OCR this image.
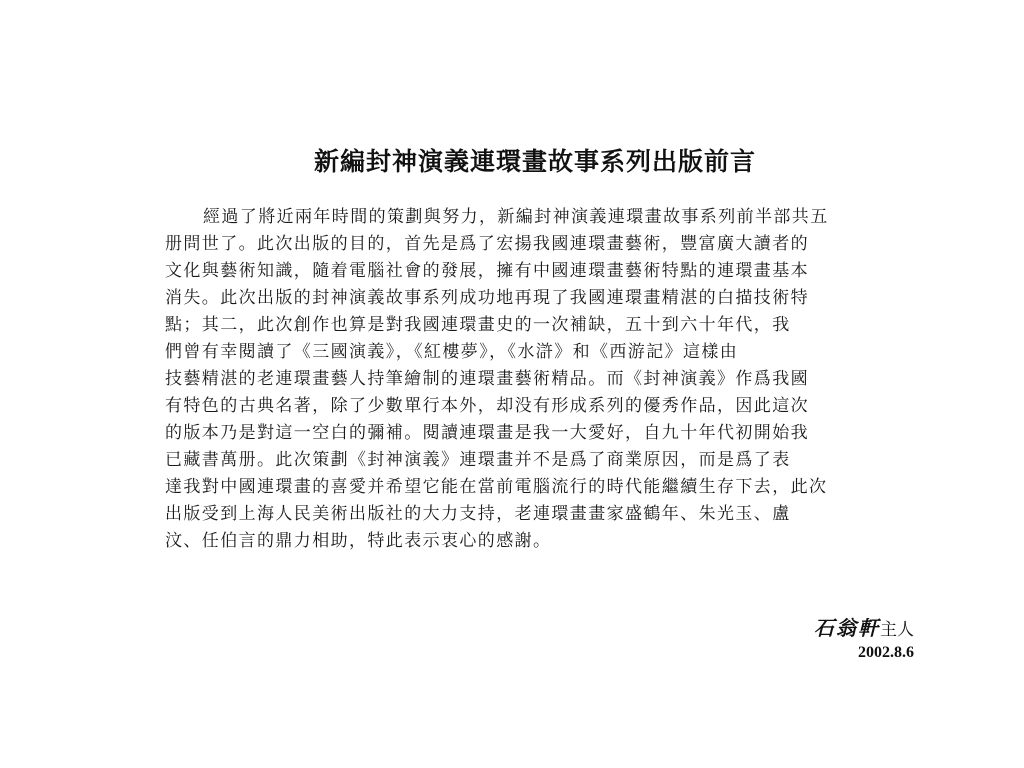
新編封神演義連環畫故事系列出版前言
經過了將近兩年時間的策劃與努力，新編封神演義連環畫故事系列前半部共五
册問世了。此次出版的目的，首先是爲了宏揚我國連環畫藝術，豐富廣大讀者的
文化與藝術知識，隨着電腦社會的發展，擁有中國連環畫藝術特點的連環畫基本
消失。此次出版的封神演義故事系列成功地再現了我國連環畫精湛的白描技術特
點；其二，此次創作也算是對我國連環畫史的一次補缺，五十到六十年代，我
們曾有幸閱讀了《三國演義》，《紅樓夢》，《水滸》和《西游記》這樣由
技藝精湛的老連環畫藝人持筆繪制的連環畫藝術精品。而《封神演義》作爲我國
有特色的古典名著，除了少數單行本外，却没有形成系列的優秀作品，因此這次
的版本乃是對這一空白的彌補。閱讀連環畫是我一大愛好，自九十年代初開始我
已藏書萬册。此次策劃《封神演義》連環畫并不是爲了商業原因，而是爲了表
達我對中國連環畫的喜愛并希望它能在當前電腦流行的時代能繼續生存下去，此次
出版受到上海人民美術出版社的大力支持，老連環畫畫家盛鶴年、朱光玉、盧
汶、任伯言的鼎力相助，特此表示衷心的感謝。
石翁軒主人
2002.8.6
